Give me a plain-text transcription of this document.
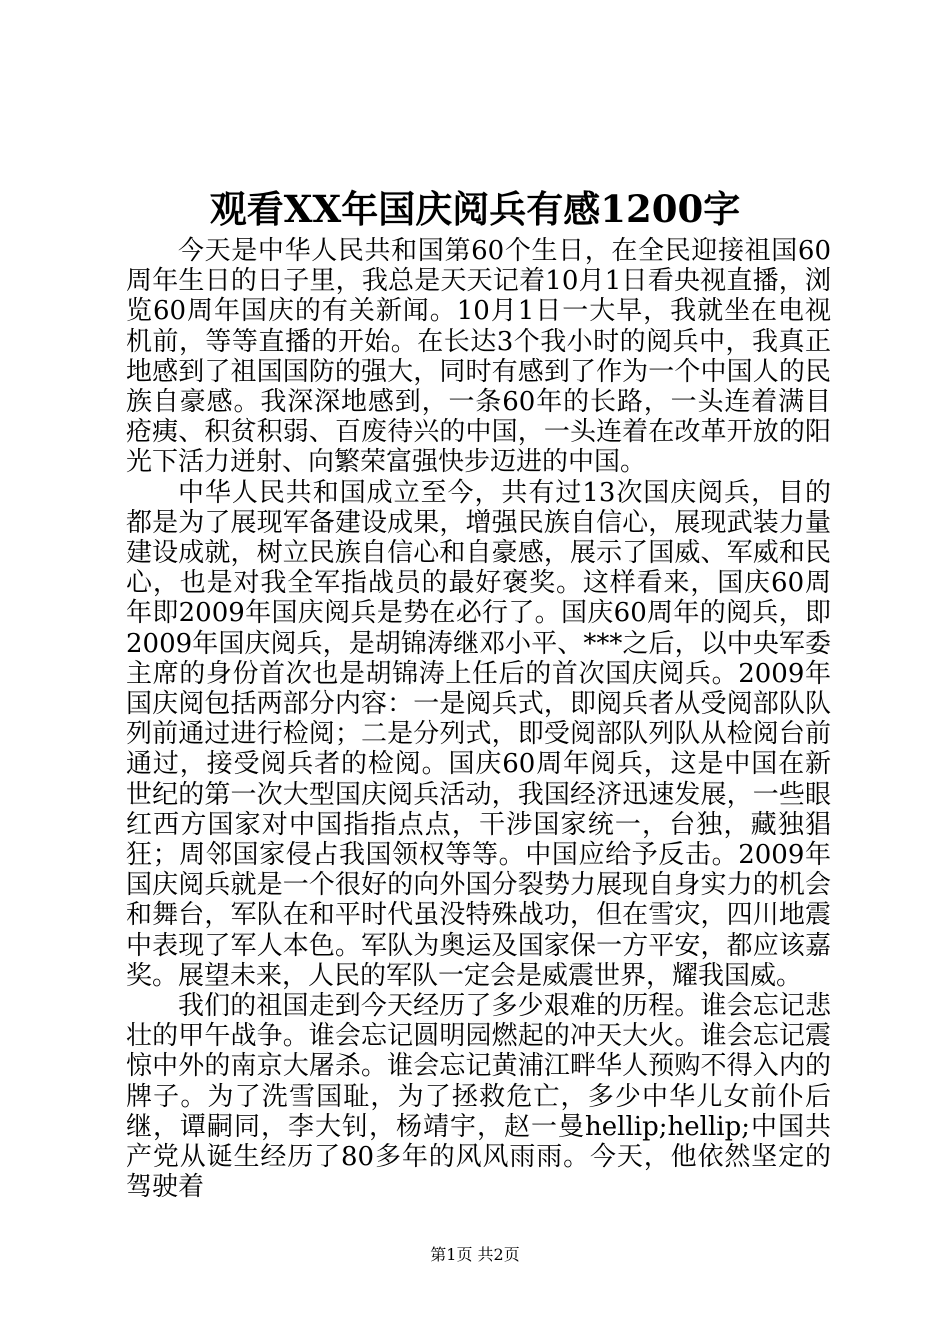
观看XX年国庆阅兵有感1200字

今天是中华人民共和国第60个生日，在全民迎接祖国60周年生日的日子里，我总是天天记着10月1日看央视直播，浏览60周年国庆的有关新闻。10月1日一大早，我就坐在电视机前，等等直播的开始。在长达3个我小时的阅兵中，我真正地感到了祖国国防的强大，同时有感到了作为一个中国人的民族自豪感。我深深地感到，一条60年的长路，一头连着满目疮痍、积贫积弱、百废待兴的中国，一头连着在改革开放的阳光下活力迸射、向繁荣富强快步迈进的中国。

中华人民共和国成立至今，共有过13次国庆阅兵，目的都是为了展现军备建设成果，增强民族自信心，展现武装力量建设成就，树立民族自信心和自豪感，展示了国威、军威和民心，也是对我全军指战员的最好褒奖。这样看来，国庆60周年即2009年国庆阅兵是势在必行了。国庆60周年的阅兵，即2009年国庆阅兵，是胡锦涛继邓小平、***之后，以中央军委主席的身份首次也是胡锦涛上任后的首次国庆阅兵。2009年国庆阅包括两部分内容：一是阅兵式，即阅兵者从受阅部队队列前通过进行检阅；二是分列式，即受阅部队列队从检阅台前通过，接受阅兵者的检阅。国庆60周年阅兵，这是中国在新世纪的第一次大型国庆阅兵活动，我国经济迅速发展，一些眼红西方国家对中国指指点点，干涉国家统一，台独，藏独猖狂；周邻国家侵占我国领权等等。中国应给予反击。2009年国庆阅兵就是一个很好的向外国分裂势力展现自身实力的机会和舞台，军队在和平时代虽没特殊战功，但在雪灾，四川地震中表现了军人本色。军队为奥运及国家保一方平安，都应该嘉奖。展望未来，人民的军队一定会是威震世界，耀我国威。

我们的祖国走到今天经历了多少艰难的历程。谁会忘记悲壮的甲午战争。谁会忘记圆明园燃起的冲天大火。谁会忘记震惊中外的南京大屠杀。谁会忘记黄浦江畔华人预购不得入内的牌子。为了洗雪国耻，为了拯救危亡，多少中华儿女前仆后继，谭嗣同，李大钊，杨靖宇，赵一曼hellip;hellip;中国共产党从诞生经历了80多年的风风雨雨。今天，他依然坚定的驾驶着

第1页 共2页
